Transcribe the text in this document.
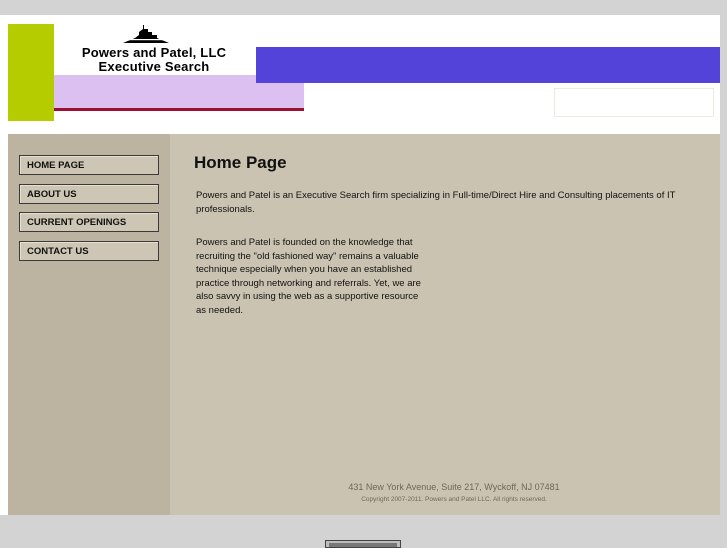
Powers and Patel, LLC
Executive Search
HOME PAGE
ABOUT US
CURRENT OPENINGS
CONTACT US
Home Page

Powers and Patel is an Executive Search firm specializing in Full-time/Direct Hire and Consulting placements of IT professionals.

Powers and Patel is founded on the knowledge that recruiting the "old fashioned way" remains a valuable technique especially when you have an established practice through networking and referrals. Yet, we are also savvy in using the web as a supportive resource as needed.

431 New York Avenue, Suite 217, Wyckoff, NJ 07481
Copyright 2007-2011. Powers and Patel LLC. All rights reserved.
